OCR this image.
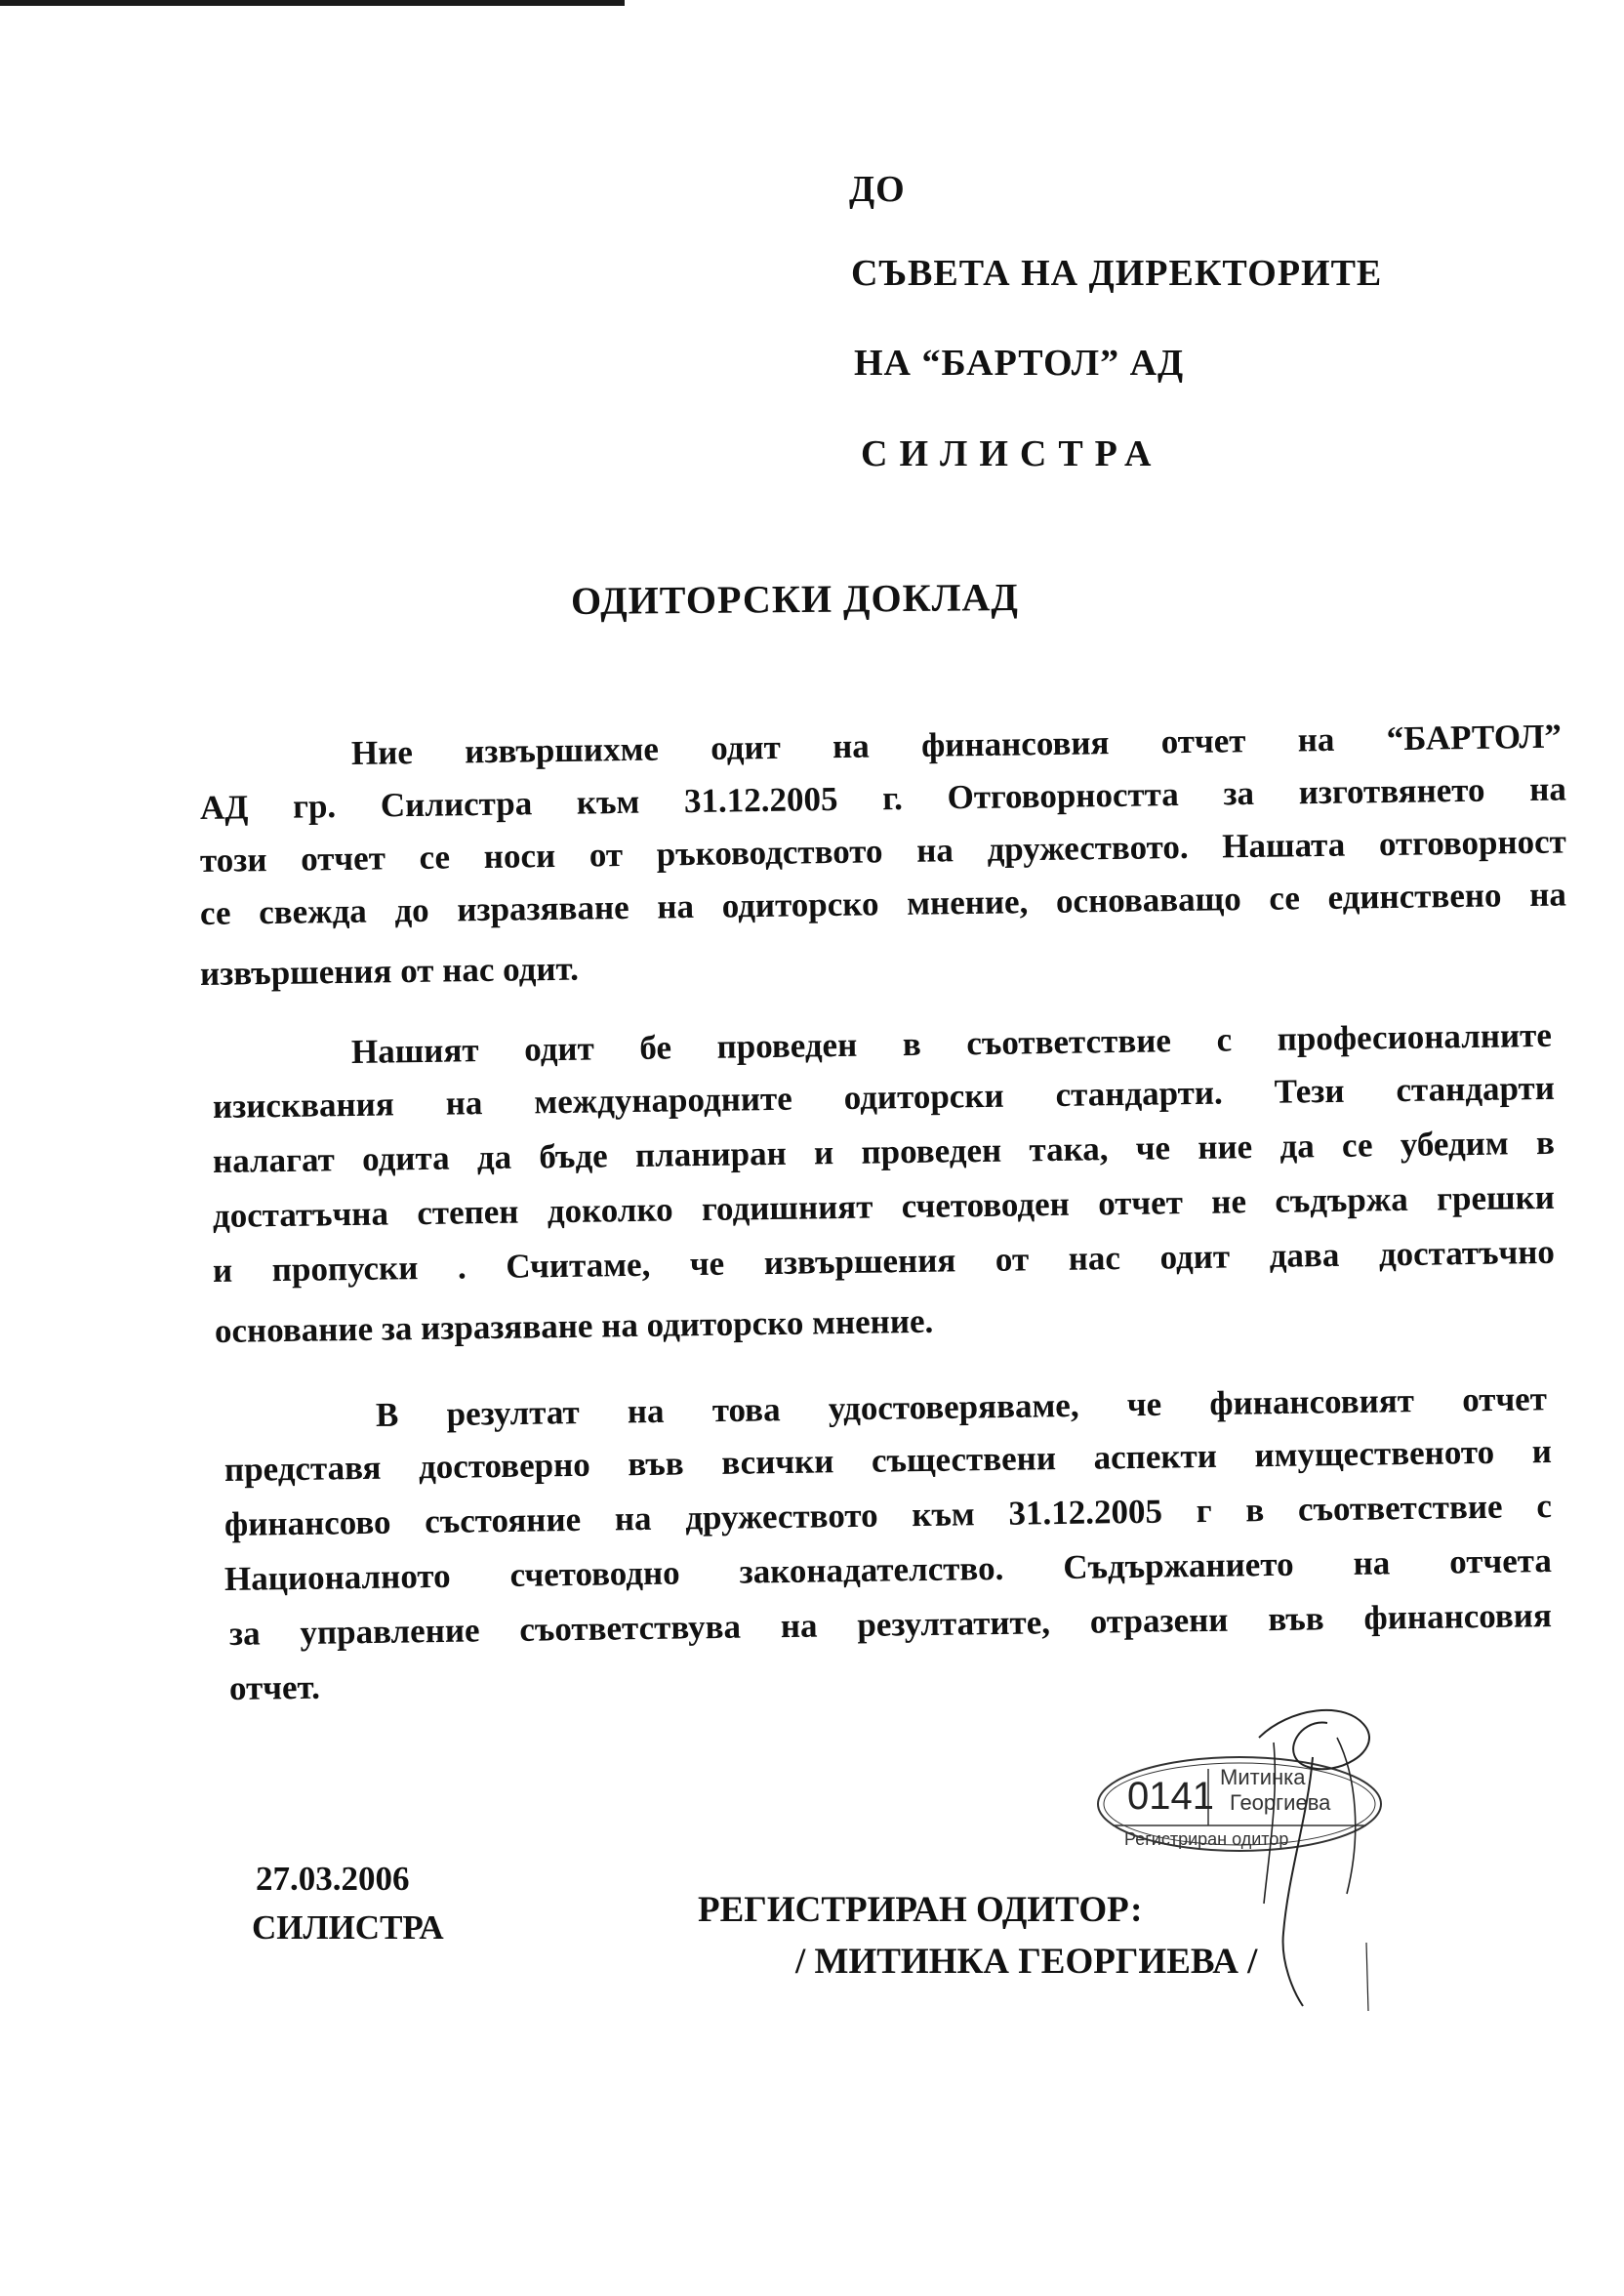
ДО
СЪВЕТА НА ДИРЕКТОРИТЕ
НА “БАРТОЛ” АД
СИЛИСТРА
ОДИТОРСКИ ДОКЛАД
Ние извършихме одит на финансовия отчет на “БАРТОЛ”
АД гр. Силистра към 31.12.2005 г. Отговорността за изготвянето на
този отчет се носи от ръководството на дружеството. Нашата отговорност
се свежда до изразяване на одиторско мнение, основаващо се единствено на
извършения от нас одит.
Нашият одит бе проведен в съответствие с професионалните
изисквания на международните одиторски стандарти. Тези стандарти
налагат одита да бъде планиран и проведен така, че ние да се убедим в
достатъчна степен доколко годишният счетоводен отчет не съдържа грешки
и пропуски . Считаме, че извършения от нас одит дава достатъчно
основание за изразяване на одиторско мнение.
В резултат на това удостоверяваме, че финансовият отчет
представя достоверно във всички съществени аспекти имущественото и
финансово състояние на дружеството към 31.12.2005 г в съответствие с
Националното счетоводно законадателство. Съдържанието на отчета
за управление съответствува на резултатите, отразени във финансовия
отчет.
0141 Митинка
Георгиева
Регистриран одитор
27.03.2006
СИЛИСТРА	РЕГИСТРИРАН ОДИТОР:
/ МИТИНКА ГЕОРГИЕВА /
